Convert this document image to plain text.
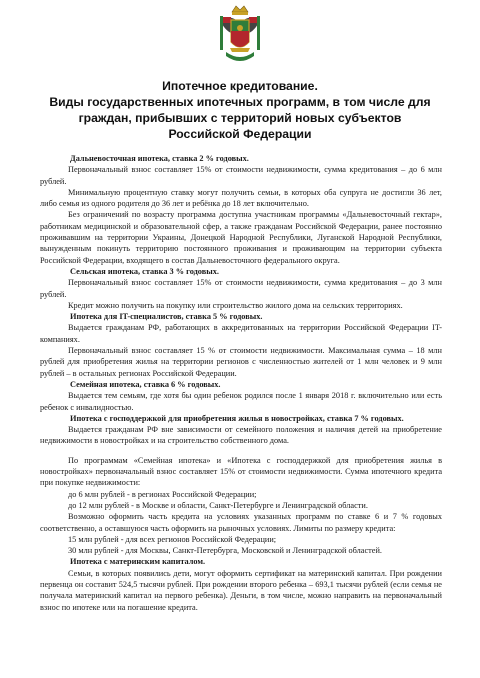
Ипотечное кредитование.
Виды государственных ипотечных программ, в том числе для
граждан, прибывших с территорий новых субъектов
Российской Федерации

Дальневосточная ипотека, ставка 2 % годовых.

Первоначальный взнос составляет 15% от стоимости недвижимости, сумма кредитования – до 6 млн рублей.

Минимальную процентную ставку могут получить семьи, в которых оба супруга не достигли 36 лет, либо семья из одного родителя до 36 лет и ребёнка до 18 лет включительно.

Без ограничений по возрасту программа доступна участникам программы «Дальневосточный гектар», работникам медицинской и образовательной сфер, а также гражданам Российской Федерации, ранее постоянно проживавшим на территории Украины, Донецкой Народной Республики, Луганской Народной Республики, вынужденным покинуть территорию постоянного проживания и проживающим на территории субъекта Российской Федерации, входящего в состав Дальневосточного федерального округа.

Сельская ипотека, ставка 3 % годовых.

Первоначальный взнос составляет 15% от стоимости недвижимости, сумма кредитования – до 3 млн рублей.

Кредит можно получить на покупку или строительство жилого дома на сельских территориях.

Ипотека для IT-специалистов, ставка 5 % годовых.

Выдается гражданам РФ, работающих в аккредитованных на территории Российской Федерации IT-компаниях.

Первоначальный взнос составляет 15 % от стоимости недвижимости. Максимальная сумма – 18 млн рублей для приобретения жилья на территории регионов с численностью жителей от 1 млн человек и 9 млн рублей – в остальных регионах Российской Федерации.

Семейная ипотека, ставка 6 % годовых.

Выдается тем семьям, где хотя бы один ребенок родился после 1 января 2018 г. включительно или есть ребенок с инвалидностью.

Ипотека с господдержкой для приобретения жилья в новостройках, ставка 7 % годовых.

Выдается гражданам РФ вне зависимости от семейного положения и наличия детей на приобретение недвижимости в новостройках и на строительство собственного дома.

По программам «Семейная ипотека» и «Ипотека с господдержкой для приобретения жилья в новостройках» первоначальный взнос составляет 15% от стоимости недвижимости. Сумма ипотечного кредита при покупке недвижимости:

до 6 млн рублей - в регионах Российской Федерации;

до 12 млн рублей - в Москве и области, Санкт-Петербурге и Ленинградской области.

Возможно оформить часть кредита на условиях указанных программ по ставке 6 и 7 % годовых соответственно, а оставшуюся часть оформить на рыночных условиях. Лимиты по размеру кредита:

15 млн рублей - для всех регионов Российской Федерации;

30 млн рублей - для Москвы, Санкт-Петербурга, Московской и Ленинградской областей.

Ипотека с материнским капиталом.

Семьи, в которых появились дети, могут оформить сертификат на материнский капитал. При рождении первенца он составит 524,5 тысячи рублей. При рождении второго ребенка – 693,1 тысячи рублей (если семья не получала материнский капитал на первого ребенка). Деньги, в том числе, можно направить на первоначальный взнос по ипотеке или на погашение кредита.
